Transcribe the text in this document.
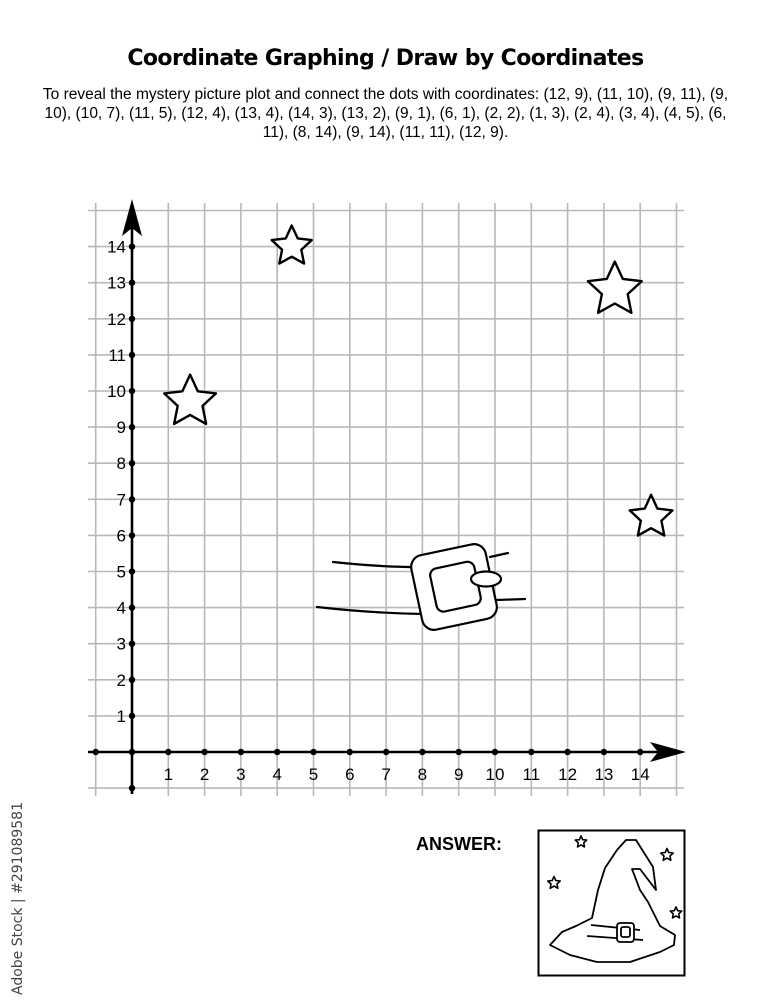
Coordinate Graphing / Draw by Coordinates
To reveal the mystery picture plot and connect the dots with coordinates: (12, 9), (11, 10), (9, 11), (9, 10), (10, 7), (11, 5), (12, 4), (13, 4), (14, 3), (13, 2), (9, 1), (6, 1), (2, 2), (1, 3), (2, 4), (3, 4), (4, 5), (6, 11), (8, 14), (9, 14), (11, 11), (12, 9).
1 2 3 4 5 6 7 8 9 10 11 12 13 14
1
2
3
4
5
6
7
8
9
10
11
12
13
14
ANSWER:
Adobe Stock | #291089581
